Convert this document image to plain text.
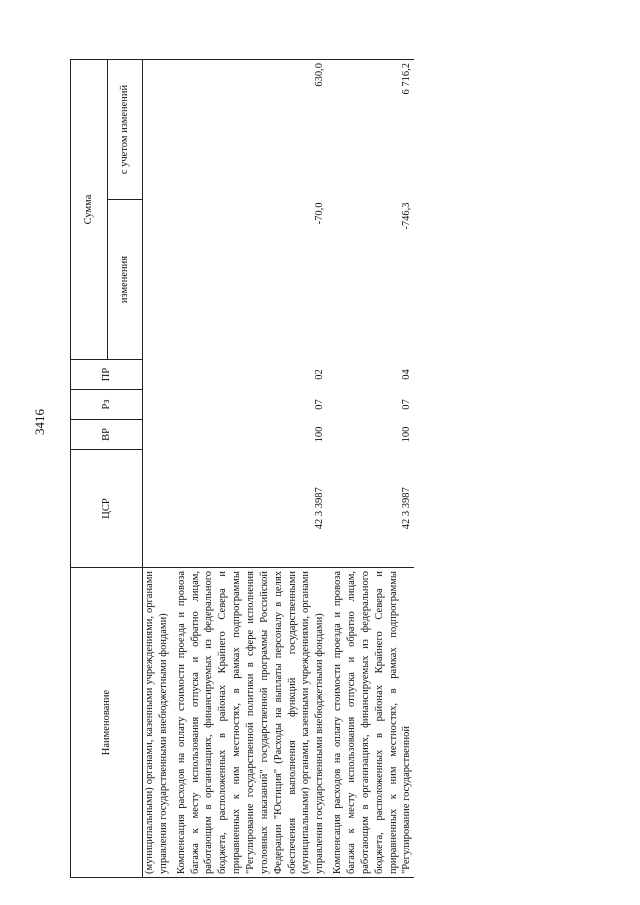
3416
Наименование	ЦСР	ВР	Рз	ПР	Сумма	
					изменения	с учетом изменений

(муниципальными) органами, казенными учреждениями, органами управления государственными внебюджетными фондами)						

Компенсация расходов на оплату стоимости проезда и провоза багажа к месту использования отпуска и обратно лицам, работающим в организациях, финансируемых из федерального бюджета, расположенных в районах Крайнего Севера и приравненных к ним местностях, в рамках подпрограммы "Регулирование государственной политики в сфере исполнения уголовных наказаний" государственной программы Российской Федерации "Юстиция" (Расходы на выплаты персоналу в целях обеспечения выполнения функций государственными (муниципальными) органами, казенными учреждениями, органами управления государственными внебюджетными фондами)	42 3 3987	100	07	02	-70,0	630,0

Компенсация расходов на оплату стоимости проезда и провоза багажа к месту использования отпуска и обратно лицам, работающим в организациях, финансируемых из федерального бюджета, расположенных в районах Крайнего Севера и приравненных к ним местностях, в рамках подпрограммы "Регулирование государственной	42 3 3987	100	07	04	-746,3	6 716,2
